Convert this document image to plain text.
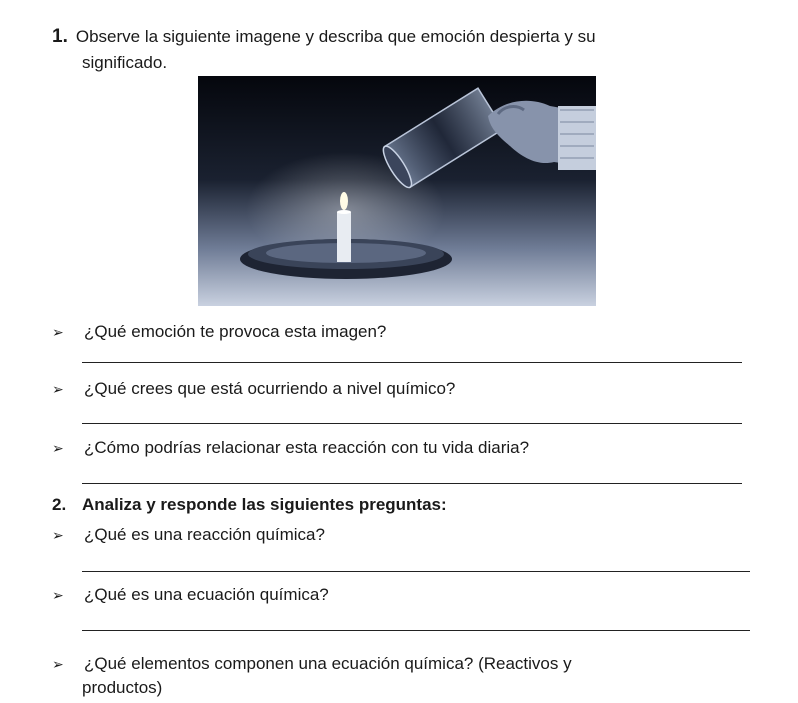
1. Observe la siguiente imagene y describa que emoción despierta y su
significado.
➢ ¿Qué emoción te provoca esta imagen?
➢ ¿Qué crees que está ocurriendo a nivel químico?
➢ ¿Cómo podrías relacionar esta reacción con tu vida diaria?
2. Analiza y responde las siguientes preguntas:
➢ ¿Qué es una reacción química?
➢ ¿Qué es una ecuación química?
➢ ¿Qué elementos componen una ecuación química? (Reactivos y
productos)
